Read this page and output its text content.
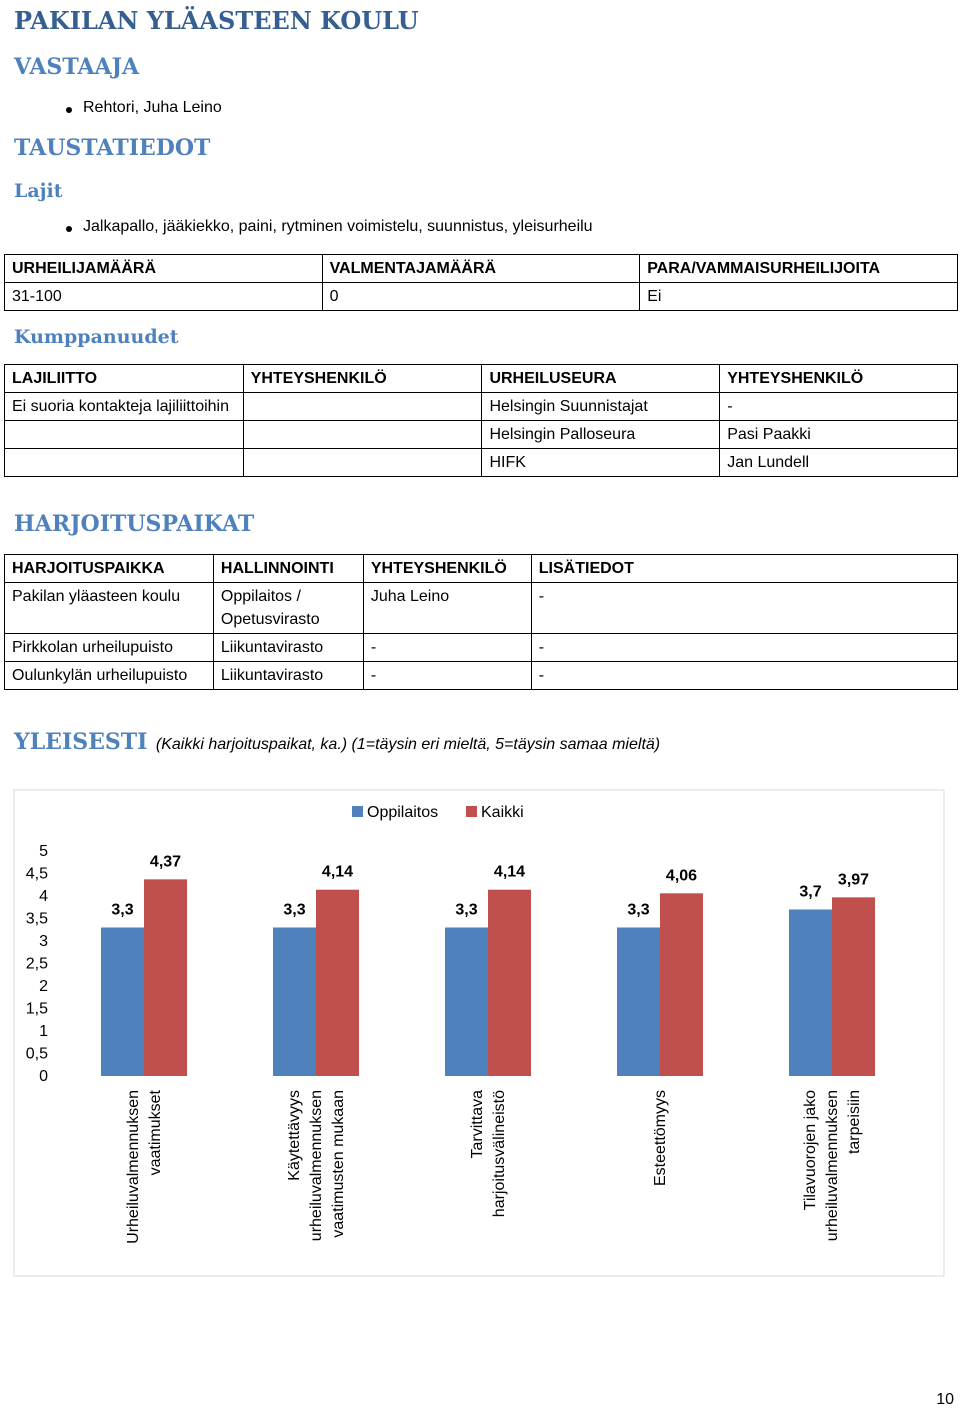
PAKILAN YLÄASTEEN KOULU
VASTAAJA
Rehtori, Juha Leino
TAUSTATIEDOT
Lajit
Jalkapallo, jääkiekko, paini, rytminen voimistelu, suunnistus, yleisurheilu
URHEILIJAMÄÄRÄ	VALMENTAJAMÄÄRÄ	PARA/VAMMAISURHEILIJOITA
31-100	0	Ei
Kumppanuudet
LAJILIITTO	YHTEYSHENKILÖ	URHEILUSEURA	YHTEYSHENKILÖ
Ei suoria kontakteja lajiliittoihin		Helsingin Suunnistajat	-
		Helsingin Palloseura	Pasi Paakki
		HIFK	Jan Lundell
HARJOITUSPAIKAT
HARJOITUSPAIKKA	HALLINNOINTI	YHTEYSHENKILÖ	LISÄTIEDOT
Pakilan yläasteen koulu	Oppilaitos / Opetusvirasto	Juha Leino	-
Pirkkolan urheilupuisto	Liikuntavirasto	-	-
Oulunkylän urheilupuisto	Liikuntavirasto	-	-
YLEISESTI (Kaikki harjoituspaikat, ka.) (1=täysin eri mieltä, 5=täysin samaa mieltä)
Oppilaitos	Kaikki
0
0,5
1
1,5
2
2,5
3
3,5
4
4,5
5
3,3
4,37
Urheiluvalmennuksen vaatimukset
3,3
4,14
Käytettävyys urheiluvalmennuksen vaatimusten mukaan
3,3
4,14
Tarvittava harjoitusvälineistö
3,3
4,06
Esteettömyys
3,7
3,97
Tilavuorojen jako urheiluvalmennuksen tarpeisiin
10
